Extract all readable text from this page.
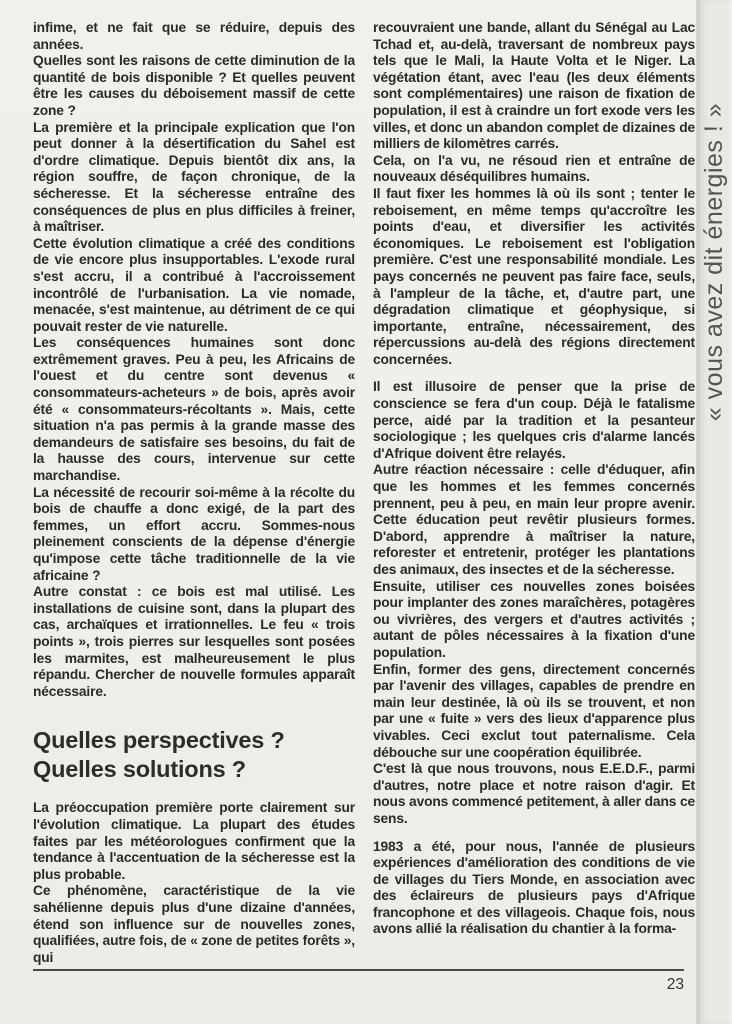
infime, et ne fait que se réduire, depuis des années.

Quelles sont les raisons de cette diminution de la quantité de bois disponible ? Et quelles peuvent être les causes du déboisement massif de cette zone ?

La première et la principale explication que l'on peut donner à la désertification du Sahel est d'ordre climatique. Depuis bientôt dix ans, la région souffre, de façon chronique, de la sécheresse. Et la sécheresse entraîne des conséquences de plus en plus difficiles à freiner, à maîtriser.

Cette évolution climatique a créé des conditions de vie encore plus insupportables. L'exode rural s'est accru, il a contribué à l'accroissement incontrôlé de l'urbanisation. La vie nomade, menacée, s'est maintenue, au détriment de ce qui pouvait rester de vie naturelle.

Les conséquences humaines sont donc extrêmement graves. Peu à peu, les Africains de l'ouest et du centre sont devenus « consommateurs-acheteurs » de bois, après avoir été « consommateurs-récoltants ». Mais, cette situation n'a pas permis à la grande masse des demandeurs de satisfaire ses besoins, du fait de la hausse des cours, intervenue sur cette marchandise.

La nécessité de recourir soi-même à la récolte du bois de chauffe a donc exigé, de la part des femmes, un effort accru. Sommes-nous pleinement conscients de la dépense d'énergie qu'impose cette tâche traditionnelle de la vie africaine ?

Autre constat : ce bois est mal utilisé. Les installations de cuisine sont, dans la plupart des cas, archaïques et irrationnelles. Le feu « trois points », trois pierres sur lesquelles sont posées les marmites, est malheureusement le plus répandu. Chercher de nouvelle formules apparaît nécessaire.

Quelles perspectives ?
Quelles solutions ?

La préoccupation première porte clairement sur l'évolution climatique. La plupart des études faites par les météorologues confirment que la tendance à l'accentuation de la sécheresse est la plus probable.

Ce phénomène, caractéristique de la vie sahélienne depuis plus d'une dizaine d'années, étend son influence sur de nouvelles zones, qualifiées, autre fois, de « zone de petites forêts », qui

recouvraient une bande, allant du Sénégal au Lac Tchad et, au-delà, traversant de nombreux pays tels que le Mali, la Haute Volta et le Niger. La végétation étant, avec l'eau (les deux éléments sont complémentaires) une raison de fixation de population, il est à craindre un fort exode vers les villes, et donc un abandon complet de dizaines de milliers de kilomètres carrés.

Cela, on l'a vu, ne résoud rien et entraîne de nouveaux déséquilibres humains.

Il faut fixer les hommes là où ils sont ; tenter le reboisement, en même temps qu'accroître les points d'eau, et diversifier les activités économiques. Le reboisement est l'obligation première. C'est une responsabilité mondiale. Les pays concernés ne peuvent pas faire face, seuls, à l'ampleur de la tâche, et, d'autre part, une dégradation climatique et géophysique, si importante, entraîne, nécessairement, des répercussions au-delà des régions directement concernées.

Il est illusoire de penser que la prise de conscience se fera d'un coup. Déjà le fatalisme perce, aidé par la tradition et la pesanteur sociologique ; les quelques cris d'alarme lancés d'Afrique doivent être relayés.

Autre réaction nécessaire : celle d'éduquer, afin que les hommes et les femmes concernés prennent, peu à peu, en main leur propre avenir. Cette éducation peut revêtir plusieurs formes. D'abord, apprendre à maîtriser la nature, reforester et entretenir, protéger les plantations des animaux, des insectes et de la sécheresse.

Ensuite, utiliser ces nouvelles zones boisées pour implanter des zones maraîchères, potagères ou vivrières, des vergers et d'autres activités ; autant de pôles nécessaires à la fixation d'une population.

Enfin, former des gens, directement concernés par l'avenir des villages, capables de prendre en main leur destinée, là où ils se trouvent, et non par une « fuite » vers des lieux d'apparence plus vivables. Ceci exclut tout paternalisme. Cela débouche sur une coopération équilibrée.

C'est là que nous trouvons, nous E.E.D.F., parmi d'autres, notre place et notre raison d'agir. Et nous avons commencé petitement, à aller dans ce sens.

1983 a été, pour nous, l'année de plusieurs expériences d'amélioration des conditions de vie de villages du Tiers Monde, en association avec des éclaireurs de plusieurs pays d'Afrique francophone et des villageois. Chaque fois, nous avons allié la réalisation du chantier à la forma-

« vous avez dit énergies ! »
23
